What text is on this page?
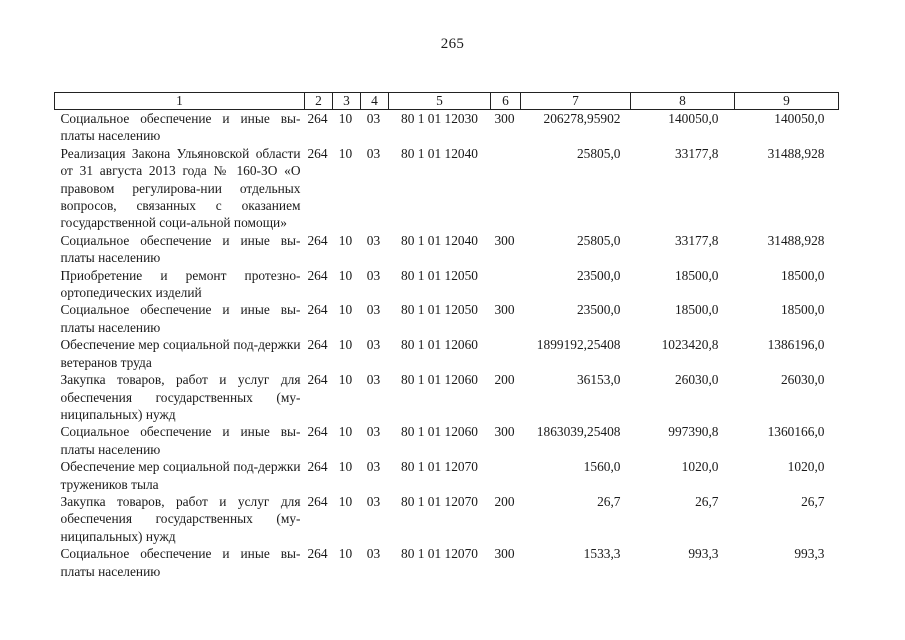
265
1	2	3	4	5	6	7	8	9
Социальное обеспечение и иные вы-платы населению	264	10	03	80 1 01 12030	300	206278,95902	140050,0	140050,0
Реализация Закона Ульяновской области от 31 августа 2013 года № 160-ЗО «О правовом регулирова-нии отдельных вопросов, связанных с оказанием государственной соци-альной помощи»	264	10	03	80 1 01 12040		25805,0	33177,8	31488,928
Социальное обеспечение и иные вы-платы населению	264	10	03	80 1 01 12040	300	25805,0	33177,8	31488,928
Приобретение и ремонт протезно-ортопедических изделий	264	10	03	80 1 01 12050		23500,0	18500,0	18500,0
Социальное обеспечение и иные вы-платы населению	264	10	03	80 1 01 12050	300	23500,0	18500,0	18500,0
Обеспечение мер социальной под-держки ветеранов труда	264	10	03	80 1 01 12060		1899192,25408	1023420,8	1386196,0
Закупка товаров, работ и услуг для обеспечения государственных (му-ниципальных) нужд	264	10	03	80 1 01 12060	200	36153,0	26030,0	26030,0
Социальное обеспечение и иные вы-платы населению	264	10	03	80 1 01 12060	300	1863039,25408	997390,8	1360166,0
Обеспечение мер социальной под-держки тружеников тыла	264	10	03	80 1 01 12070		1560,0	1020,0	1020,0
Закупка товаров, работ и услуг для обеспечения государственных (му-ниципальных) нужд	264	10	03	80 1 01 12070	200	26,7	26,7	26,7
Социальное обеспечение и иные вы-платы населению	264	10	03	80 1 01 12070	300	1533,3	993,3	993,3
